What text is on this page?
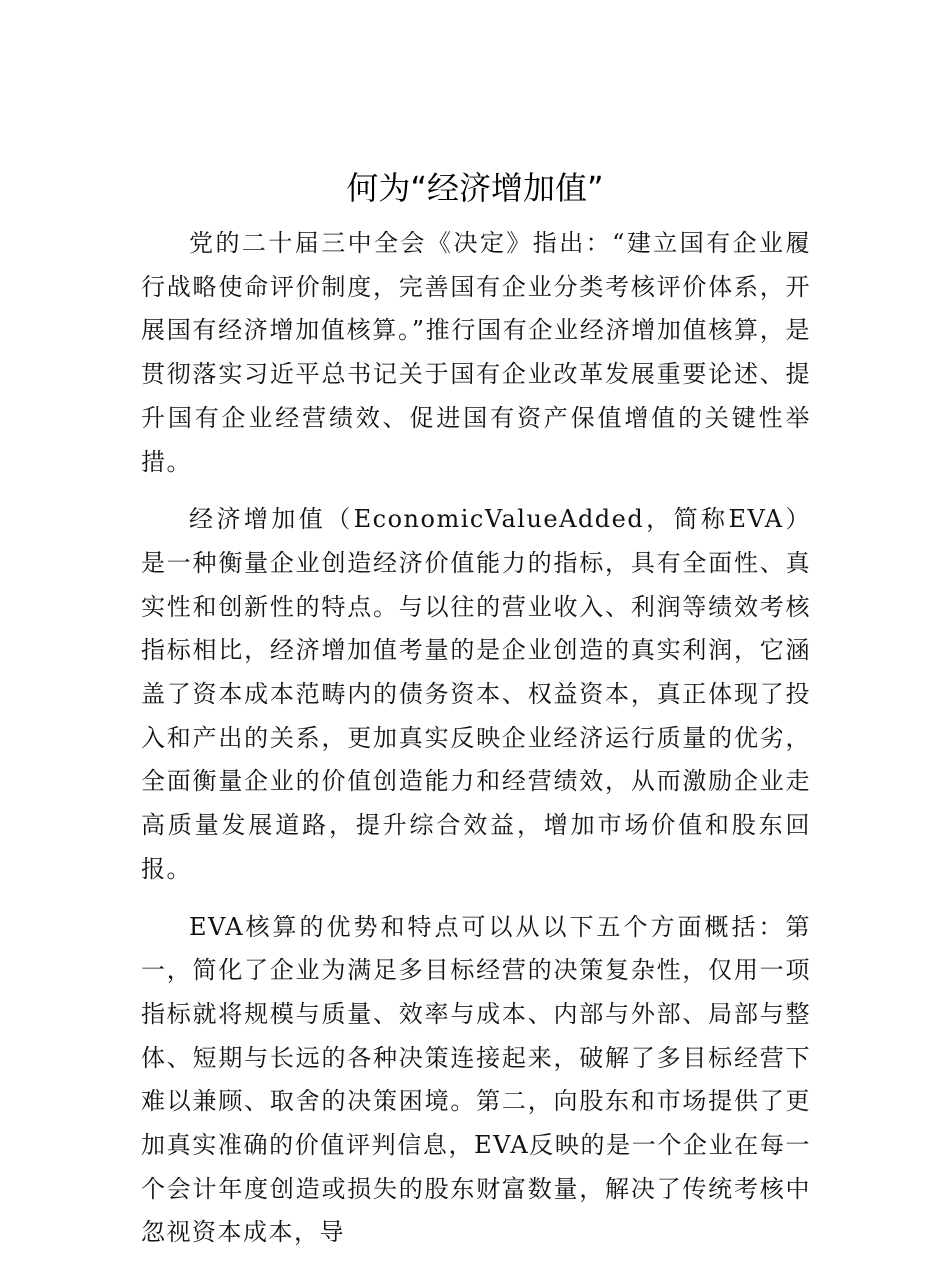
何为“经济增加值”

党的二十届三中全会《决定》指出：“建立国有企业履行战略使命评价制度，完善国有企业分类考核评价体系，开展国有经济增加值核算。”推行国有企业经济增加值核算，是贯彻落实习近平总书记关于国有企业改革发展重要论述、提升国有企业经营绩效、促进国有资产保值增值的关键性举措。

经济增加值（EconomicValueAdded，简称EVA）是一种衡量企业创造经济价值能力的指标，具有全面性、真实性和创新性的特点。与以往的营业收入、利润等绩效考核指标相比，经济增加值考量的是企业创造的真实利润，它涵盖了资本成本范畴内的债务资本、权益资本，真正体现了投入和产出的关系，更加真实反映企业经济运行质量的优劣，全面衡量企业的价值创造能力和经营绩效，从而激励企业走高质量发展道路，提升综合效益，增加市场价值和股东回报。

EVA核算的优势和特点可以从以下五个方面概括：第一，简化了企业为满足多目标经营的决策复杂性，仅用一项指标就将规模与质量、效率与成本、内部与外部、局部与整体、短期与长远的各种决策连接起来，破解了多目标经营下难以兼顾、取舍的决策困境。第二，向股东和市场提供了更加真实准确的价值评判信息，EVA反映的是一个企业在每一个会计年度创造或损失的股东财富数量，解决了传统考核中忽视资本成本，导
